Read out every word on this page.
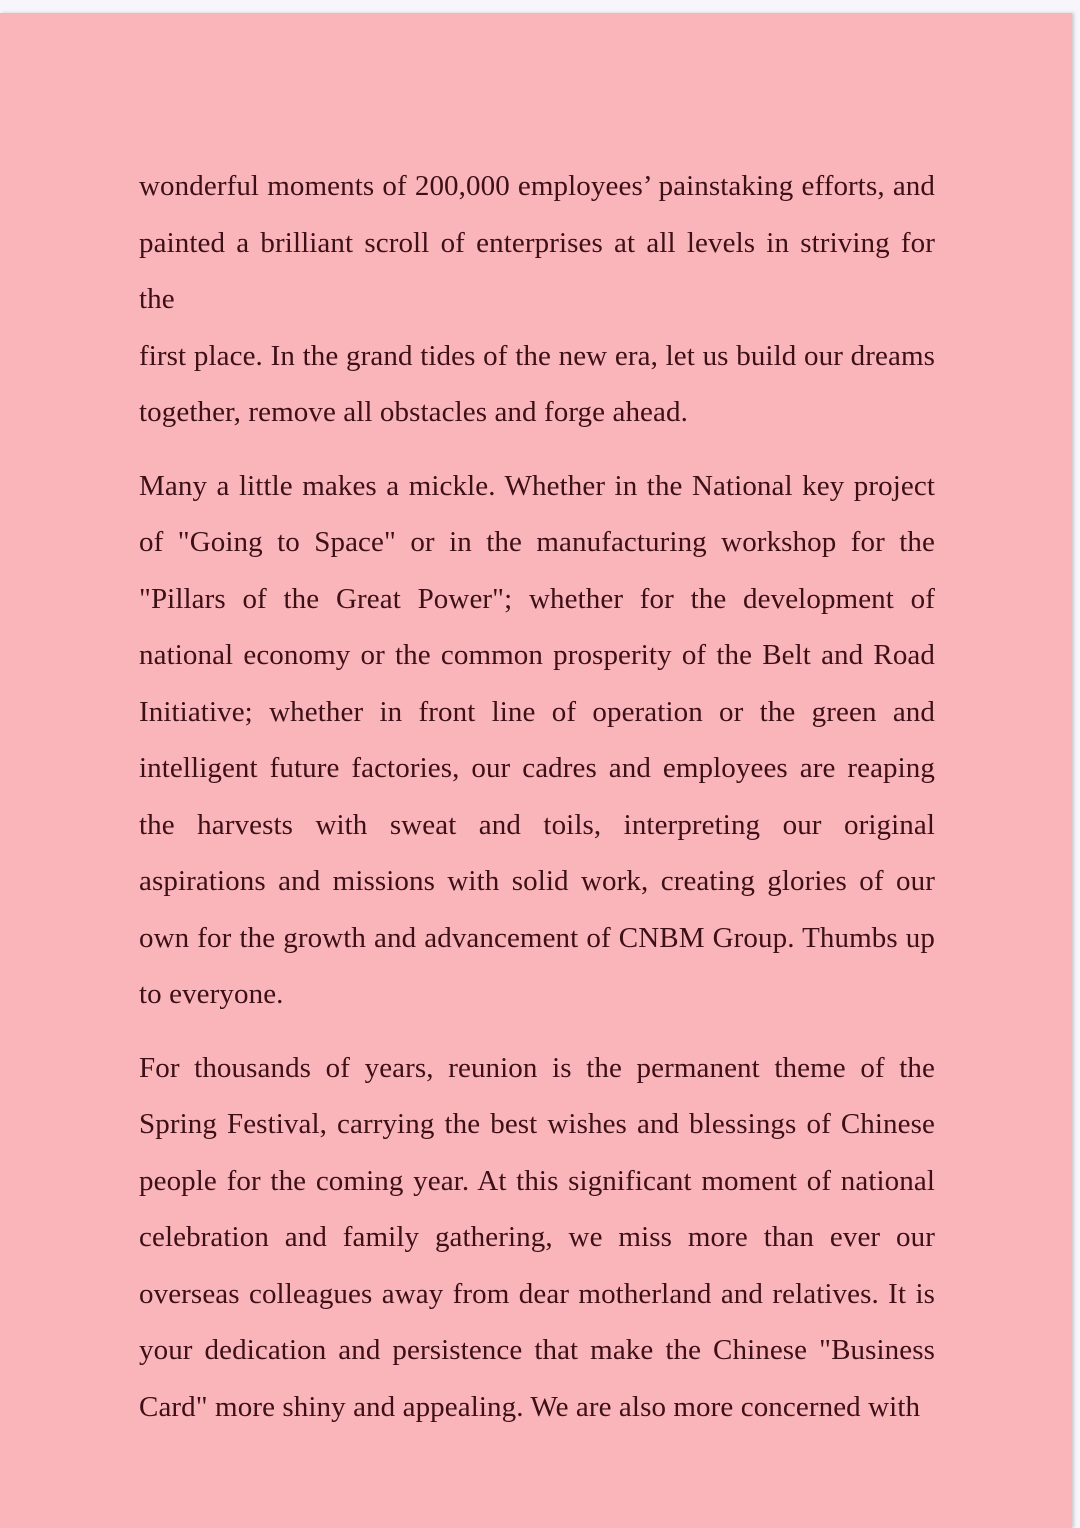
wonderful moments of 200,000 employees’ painstaking efforts, and
painted a brilliant scroll of enterprises at all levels in striving for the
first place. In the grand tides of the new era, let us build our dreams
together, remove all obstacles and forge ahead.
Many a little makes a mickle. Whether in the National key project
of "Going to Space" or in the manufacturing workshop for the
"Pillars of the Great Power"; whether for the development of
national economy or the common prosperity of the Belt and Road
Initiative; whether in front line of operation or the green and
intelligent future factories, our cadres and employees are reaping
the harvests with sweat and toils, interpreting our original
aspirations and missions with solid work, creating glories of our
own for the growth and advancement of CNBM Group. Thumbs up
to everyone.
For thousands of years, reunion is the permanent theme of the
Spring Festival, carrying the best wishes and blessings of Chinese
people for the coming year. At this significant moment of national
celebration and family gathering, we miss more than ever our
overseas colleagues away from dear motherland and relatives. It is
your dedication and persistence that make the Chinese "Business
Card" more shiny and appealing. We are also more concerned with
